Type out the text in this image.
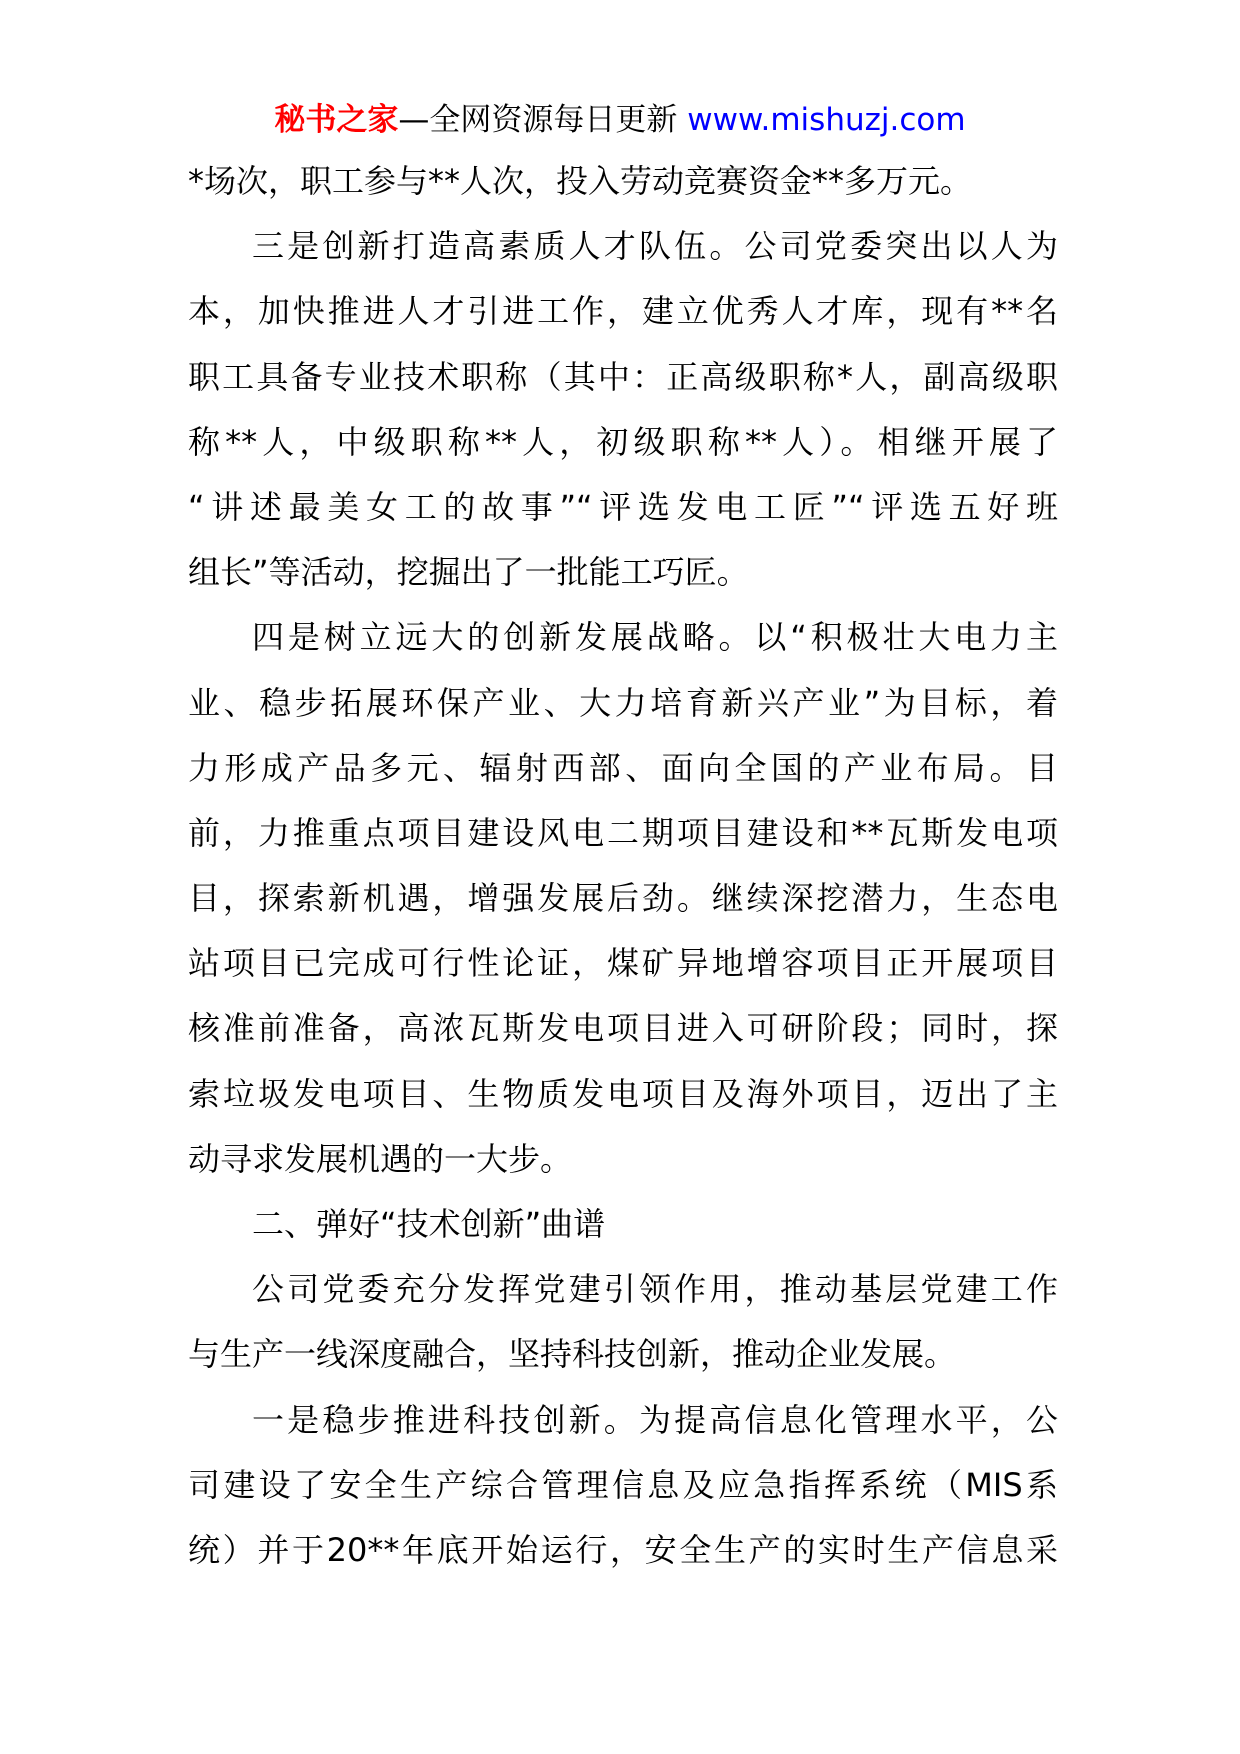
秘书之家—全网资源每日更新 www.mishuzj.com
*场次，职工参与**人次，投入劳动竞赛资金**多万元。
三是创新打造高素质人才队伍。公司党委突出以人为
本，加快推进人才引进工作，建立优秀人才库，现有**名
职工具备专业技术职称（其中：正高级职称*人，副高级职
称**人，中级职称**人，初级职称**人）。相继开展了
“讲述最美女工的故事”“评选发电工匠”“评选五好班
组长”等活动，挖掘出了一批能工巧匠。
四是树立远大的创新发展战略。以“积极壮大电力主
业、稳步拓展环保产业、大力培育新兴产业”为目标，着
力形成产品多元、辐射西部、面向全国的产业布局。目
前，力推重点项目建设风电二期项目建设和**瓦斯发电项
目，探索新机遇，增强发展后劲。继续深挖潜力，生态电
站项目已完成可行性论证，煤矿异地增容项目正开展项目
核准前准备，高浓瓦斯发电项目进入可研阶段；同时，探
索垃圾发电项目、生物质发电项目及海外项目，迈出了主
动寻求发展机遇的一大步。
二、弹好“技术创新”曲谱
公司党委充分发挥党建引领作用，推动基层党建工作
与生产一线深度融合，坚持科技创新，推动企业发展。
一是稳步推进科技创新。为提高信息化管理水平，公
司建设了安全生产综合管理信息及应急指挥系统（MIS系
统）并于20**年底开始运行，安全生产的实时生产信息采
